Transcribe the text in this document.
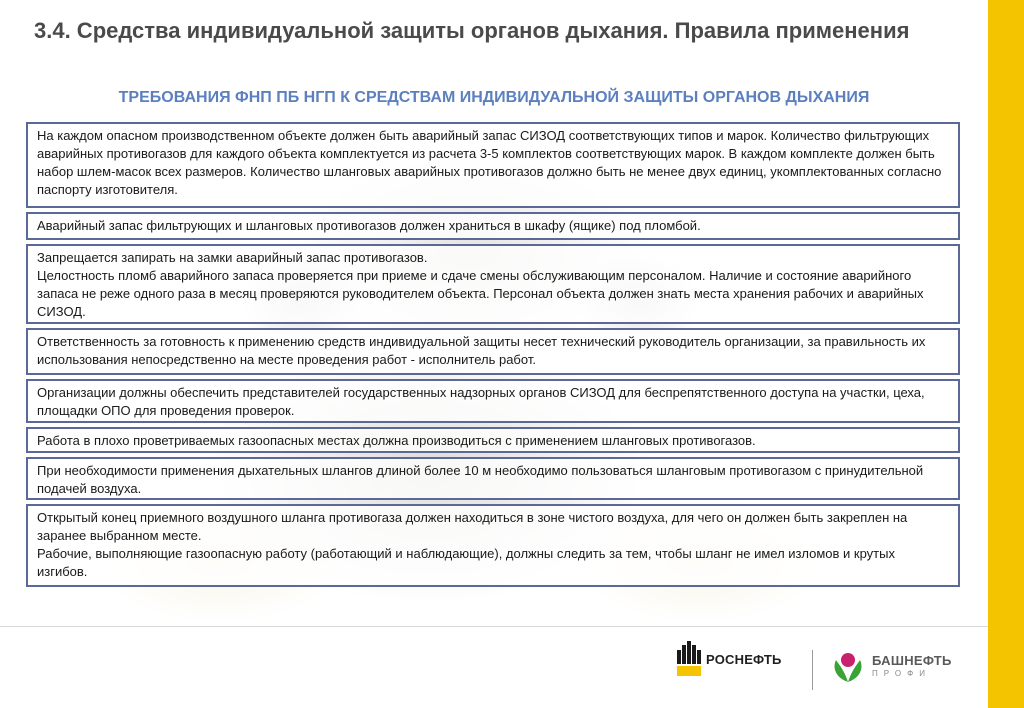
3.4. Средства индивидуальной защиты органов дыхания. Правила применения
ТРЕБОВАНИЯ ФНП ПБ НГП К СРЕДСТВАМ ИНДИВИДУАЛЬНОЙ ЗАЩИТЫ ОРГАНОВ ДЫХАНИЯ

На каждом опасном производственном объекте должен быть аварийный запас СИЗОД соответствующих типов и марок. Количество фильтрующих аварийных противогазов для каждого объекта комплектуется из расчета 3-5 комплектов соответствующих марок. В каждом комплекте должен быть набор шлем-масок всех размеров. Количество шланговых аварийных противогазов должно быть не менее двух единиц, укомплектованных согласно паспорту изготовителя.

Аварийный запас фильтрующих и шланговых противогазов должен храниться в шкафу (ящике) под пломбой.

Запрещается запирать на замки аварийный запас противогазов.

Целостность пломб аварийного запаса проверяется при приеме и сдаче смены обслуживающим персоналом. Наличие и состояние аварийного запаса не реже одного раза в месяц проверяются руководителем объекта. Персонал объекта должен знать места хранения рабочих и аварийных СИЗОД.

Ответственность за готовность к применению средств индивидуальной защиты несет технический руководитель организации, за правильность их использования непосредственно на месте проведения работ - исполнитель работ.

Организации должны обеспечить представителей государственных надзорных органов СИЗОД для беспрепятственного доступа на участки, цеха, площадки ОПО для проведения проверок.

Работа в плохо проветриваемых газоопасных местах должна производиться с применением шланговых противогазов.

При необходимости применения дыхательных шлангов длиной более 10 м необходимо пользоваться шланговым противогазом с принудительной подачей воздуха.

Открытый конец приемного воздушного шланга противогаза должен находиться в зоне чистого воздуха, для чего он должен быть закреплен на заранее выбранном месте.

Рабочие, выполняющие газоопасную работу (работающий и наблюдающие), должны следить за тем, чтобы шланг не имел изломов и крутых изгибов.

РОСНЕФТЬ	БАШНЕФТЬ
ПРОФИ
